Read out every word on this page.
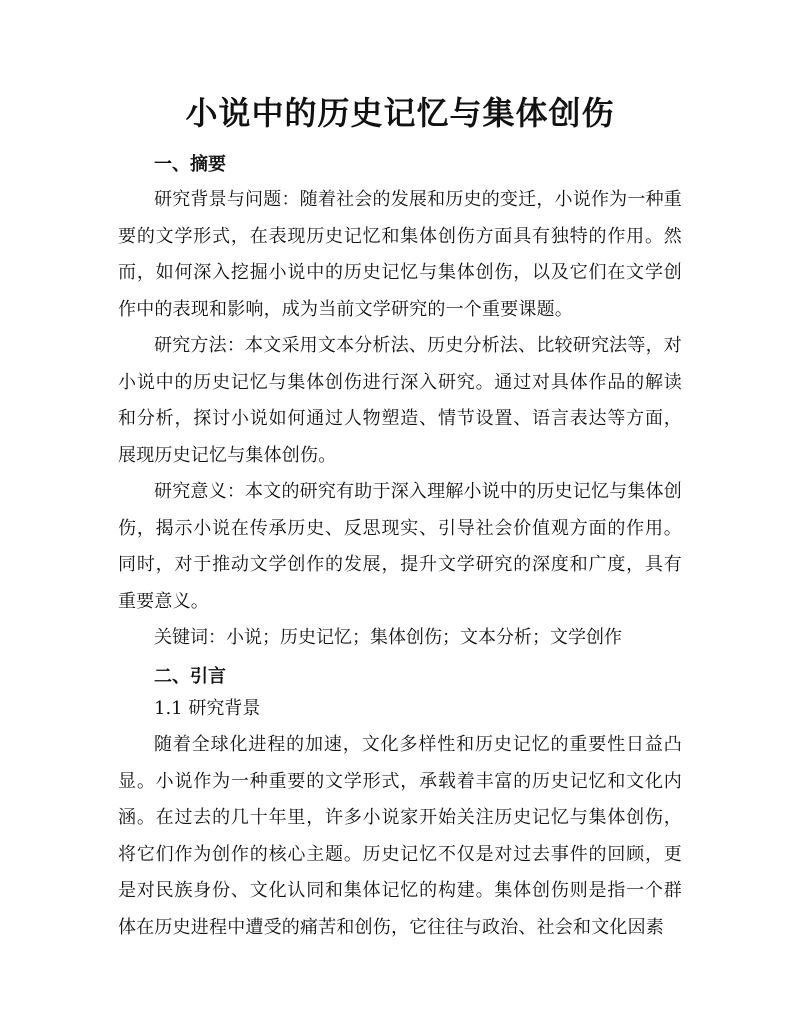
小说中的历史记忆与集体创伤
一、摘要

研究背景与问题：随着社会的发展和历史的变迁，小说作为一种重要的文学形式，在表现历史记忆和集体创伤方面具有独特的作用。然而，如何深入挖掘小说中的历史记忆与集体创伤，以及它们在文学创作中的表现和影响，成为当前文学研究的一个重要课题。

研究方法：本文采用文本分析法、历史分析法、比较研究法等，对小说中的历史记忆与集体创伤进行深入研究。通过对具体作品的解读和分析，探讨小说如何通过人物塑造、情节设置、语言表达等方面，展现历史记忆与集体创伤。

研究意义：本文的研究有助于深入理解小说中的历史记忆与集体创伤，揭示小说在传承历史、反思现实、引导社会价值观方面的作用。同时，对于推动文学创作的发展，提升文学研究的深度和广度，具有重要意义。

关键词：小说；历史记忆；集体创伤；文本分析；文学创作

二、引言

1.1 研究背景

随着全球化进程的加速，文化多样性和历史记忆的重要性日益凸显。小说作为一种重要的文学形式，承载着丰富的历史记忆和文化内涵。在过去的几十年里，许多小说家开始关注历史记忆与集体创伤，将它们作为创作的核心主题。历史记忆不仅是对过去事件的回顾，更是对民族身份、文化认同和集体记忆的构建。集体创伤则是指一个群体在历史进程中遭受的痛苦和创伤，它往往与政治、社会和文化因素
